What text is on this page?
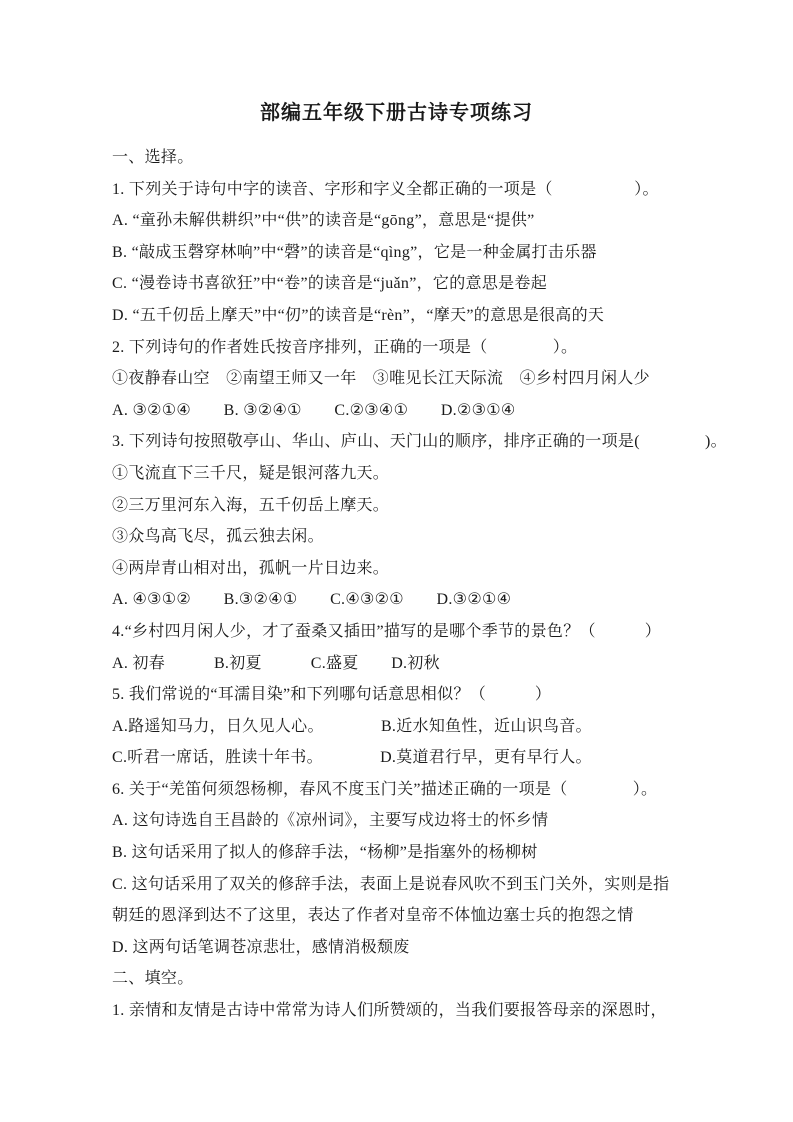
部编五年级下册古诗专项练习

一、选择。

1. 下列关于诗句中字的读音、字形和字义全都正确的一项是（　　　　　）。

A. “童孙未解供耕织”中“供”的读音是“gōng”，意思是“提供”

B. “敲成玉磬穿林响”中“磬”的读音是“qìng”，它是一种金属打击乐器

C. “漫卷诗书喜欲狂”中“卷”的读音是“juǎn”，它的意思是卷起

D. “五千仞岳上摩天”中“仞”的读音是“rèn”，“摩天”的意思是很高的天

2. 下列诗句的作者姓氏按音序排列，正确的一项是（　　　　）。

①夜静春山空　②南望王师又一年　③唯见长江天际流　④乡村四月闲人少

A. ③②①④　　B. ③②④①　　C.②③④①　　D.②③①④

3. 下列诗句按照敬亭山、华山、庐山、天门山的顺序，排序正确的一项是(　　　　)。

①飞流直下三千尺，疑是银河落九天。

②三万里河东入海，五千仞岳上摩天。

③众鸟高飞尽，孤云独去闲。

④两岸青山相对出，孤帆一片日边来。

A. ④③①②　　B.③②④①　　C.④③②①　　D.③②①④

4.“乡村四月闲人少，才了蚕桑又插田”描写的是哪个季节的景色？（　　　）

A. 初春　　　B.初夏　　　C.盛夏　　D.初秋

5. 我们常说的“耳濡目染”和下列哪句话意思相似？（　　　）

A.路遥知马力，日久见人心。　　　　B.近水知鱼性，近山识鸟音。

C.听君一席话，胜读十年书。　　　　D.莫道君行早，更有早行人。

6. 关于“羌笛何须怨杨柳，春风不度玉门关”描述正确的一项是（　　　　）。

A. 这句诗选自王昌龄的《凉州词》，主要写戍边将士的怀乡情

B. 这句话采用了拟人的修辞手法，“杨柳”是指塞外的杨柳树

C. 这句话采用了双关的修辞手法，表面上是说春风吹不到玉门关外，实则是指

朝廷的恩泽到达不了这里，表达了作者对皇帝不体恤边塞士兵的抱怨之情

D. 这两句话笔调苍凉悲壮，感情消极颓废

二、填空。

1. 亲情和友情是古诗中常常为诗人们所赞颂的，当我们要报答母亲的深恩时，
